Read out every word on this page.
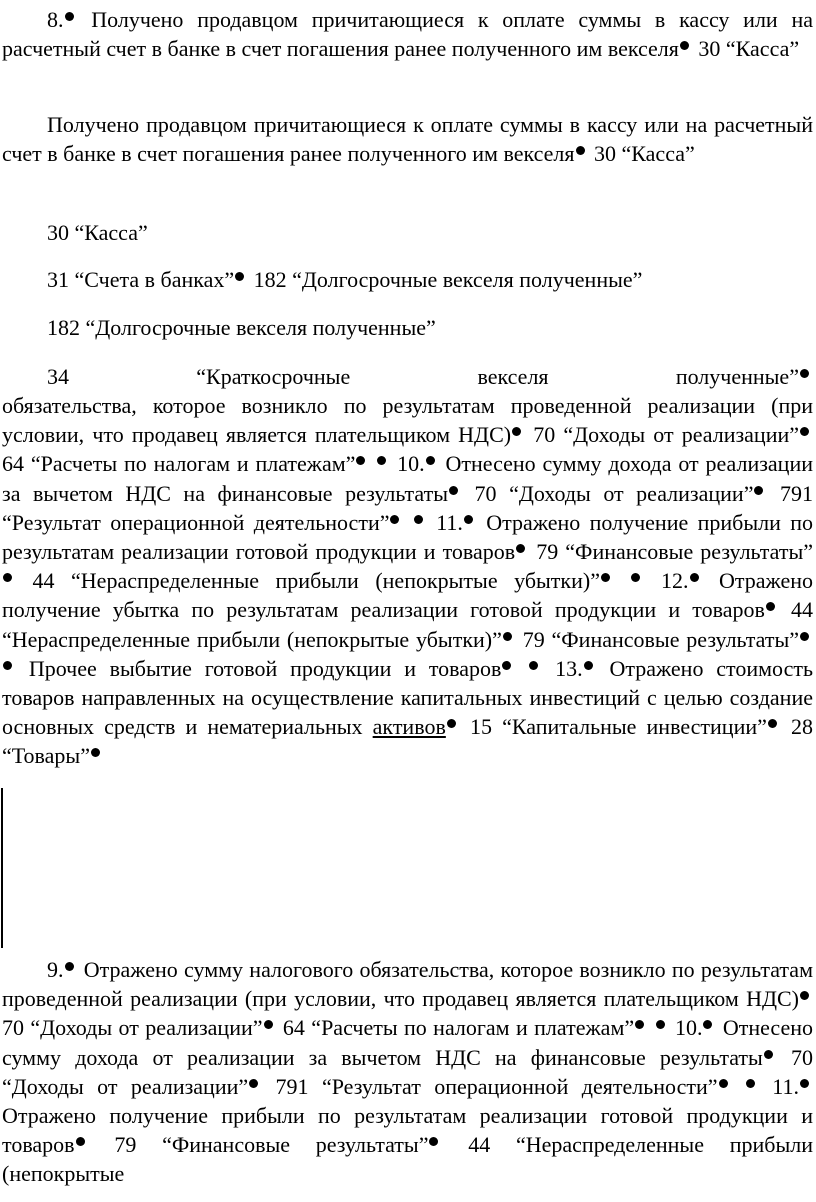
8. Получено продавцом причитающиеся к оплате суммы в кассу или на расчетный счет в банке в счет погашения ранее полученного им векселя 30 “Касса”

Получено продавцом причитающиеся к оплате суммы в кассу или на расчетный счет в банке в счет погашения ранее полученного им векселя 30 “Касса”

30 “Касса”

31 “Счета в банках” 182 “Долгосрочные векселя полученные”

182 “Долгосрочные векселя полученные”

34	“Краткосрочные	векселя	полученные”

обязательства, которое возникло по результатам проведенной реализации (при условии, что продавец является плательщиком НДС) 70 “Доходы от реализации” 64 “Расчеты по налогам и платежам”  10. Отнесено сумму дохода от реализации за вычетом НДС на финансовые результаты 70 “Доходы от реализации” 791 “Результат операционной деятельности”  11. Отражено получение прибыли по результатам реализации готовой продукции и товаров 79 “Финансовые результаты” 44 “Нераспределенные прибыли (непокрытые убытки)”  12. Отражено получение убытка по результатам реализации готовой продукции и товаров 44 “Нераспределенные прибыли (непокрытые убытки)” 79 “Финансовые результаты”  Прочее выбытие готовой продукции и товаров  13. Отражено стоимость товаров направленных на осуществление капитальных инвестиций с целью создание основных средств и нематериальных активов 15 “Капитальные инвестиции” 28 “Товары”

9. Отражено сумму налогового обязательства, которое возникло по результатам проведенной реализации (при условии, что продавец является плательщиком НДС) 70 “Доходы от реализации” 64 “Расчеты по налогам и платежам”  10. Отнесено сумму дохода от реализации за вычетом НДС на финансовые результаты 70 “Доходы от реализации” 791 “Результат операционной деятельности”  11. Отражено получение прибыли по результатам реализации готовой продукции и товаров 79 “Финансовые результаты” 44 “Нераспределенные прибыли (непокрытые
